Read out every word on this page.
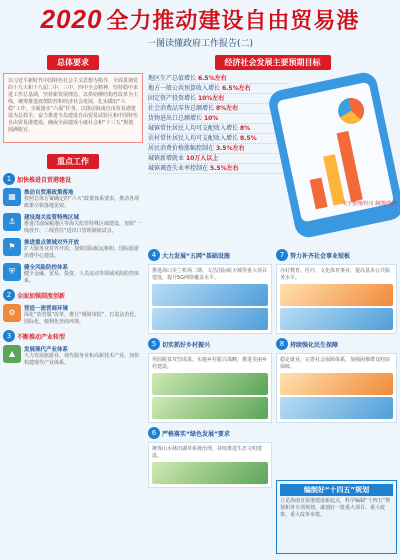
2020 全力推动建设自由贸易港
一图读懂政府工作报告(二)
总体要求
以习近平新时代中国特色社会主义思想为指导，全面贯彻党的十九大和十九届二中、三中、四中全会精神，坚持稳中求进工作总基调，坚持新发展理念，以供给侧结构性改革为主线，统筹推进疫情防控和经济社会发展，扎实做好“六稳”工作，全面落实“六保”任务，以推动海南自由贸易港建设为总抓手，奋力推进全岛建设自由贸易试验区和中国特色自由贸易港建设，确保全面建成小康社会和“十三五”规划圆满收官。
重点工作
1 加快推进自贸港建设
▦	推动自贸港政策落地
按照总体方案确定的“六大”政策体系要求，推动各项政策尽快落地见效。
⚓	建设海关监管特殊区域
推进洋浦保税港区等海关监管特殊区域建设，加快“一线放开、二线管住”进出口管理制度试点。
⚑	推进重点领域对外开放
扩大服务业对外开放，加快国际航运枢纽、国际旅游消费中心建设。
⛨	健全风险防控体系
健全金融、贸易、投资、人员流动等领域风险防控体系。
2 全面加强制度创新
⚙	营造一流营商环境
深化“放管服”改革，推行“极简审批”，打造法治化、国际化、便利化营商环境。
3 不断推动产业转型
▲	发展现代产业体系
大力发展旅游业、现代服务业和高新技术产业，加快构建现代产业体系。
经济社会发展主要预期目标
地区生产总值增长 6.5%左右
地方一般公共预算收入增长 6.5%左右
固定资产投资增长 10%左右
社会消费品零售总额增长 8%左右
货物进出口总额增长 10%
城镇常住居民人均可支配收入增长 8%
农村常住居民人均可支配收入增长 8.5%
居民消费价格涨幅控制在 3.5%左右
城镇新增就业 10万人以上
城镇调查失业率控制在 5.5%左右
文字整理/杜川 制图/徐佳
4 大力发展“五网”基础设施
推进海口美兰机场二期、文昌国际航天城等重大项目建设，提升5G网络覆盖水平。
5 切实抓好乡村振兴
巩固脱贫攻坚成果，实施乡村振兴战略，推进美丽乡村建设。
6 严格落实“绿色发展”要求
统筹山水林田湖草系统治理，持续推进生态文明建设。
7 努力补齐社会事业短板
办好教育、医疗、文化体育事业，提高基本公共服务水平。
8 持续强化民生保障
稳定就业，完善社会保障体系，加强困难群众兜底保障。
编制好“十四五”规划
立足海南自贸港建设新起点，科学编制“十四五”规划和各专项规划，谋划好一批重大项目、重大政策、重大改革举措。
